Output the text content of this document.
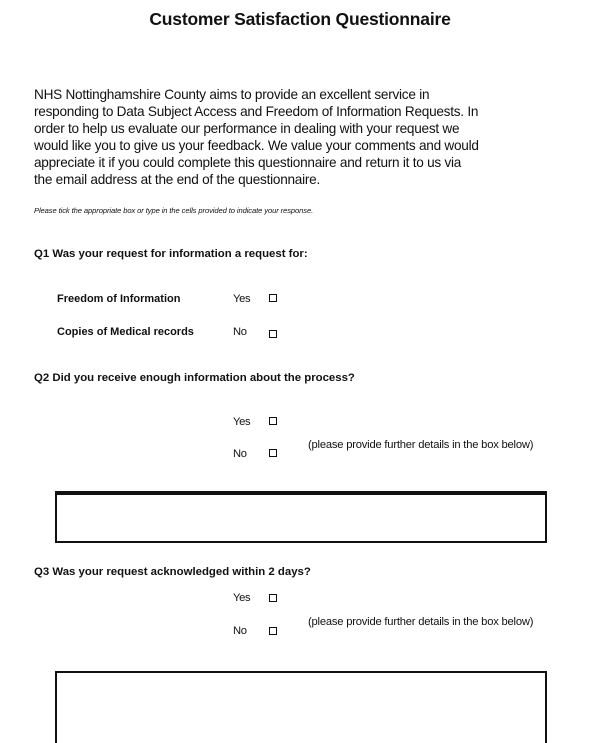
Customer Satisfaction Questionnaire
NHS Nottinghamshire County aims to provide an excellent service in
responding to Data Subject Access and Freedom of Information Requests. In
order to help us evaluate our performance in dealing with your request we
would like you to give us your feedback. We value your comments and would
appreciate it if you could complete this questionnaire and return it to us via
the email address at the end of the questionnaire.
Please tick the appropriate box or type in the cells provided to indicate your response.
Q1 Was your request for information a request for:
Freedom of Information	Yes
Copies of Medical records	No
Q2 Did you receive enough information about the process?
Yes
No
(please provide further details in the box below)
Q3 Was your request acknowledged within 2 days?
Yes
No
(please provide further details in the box below)
